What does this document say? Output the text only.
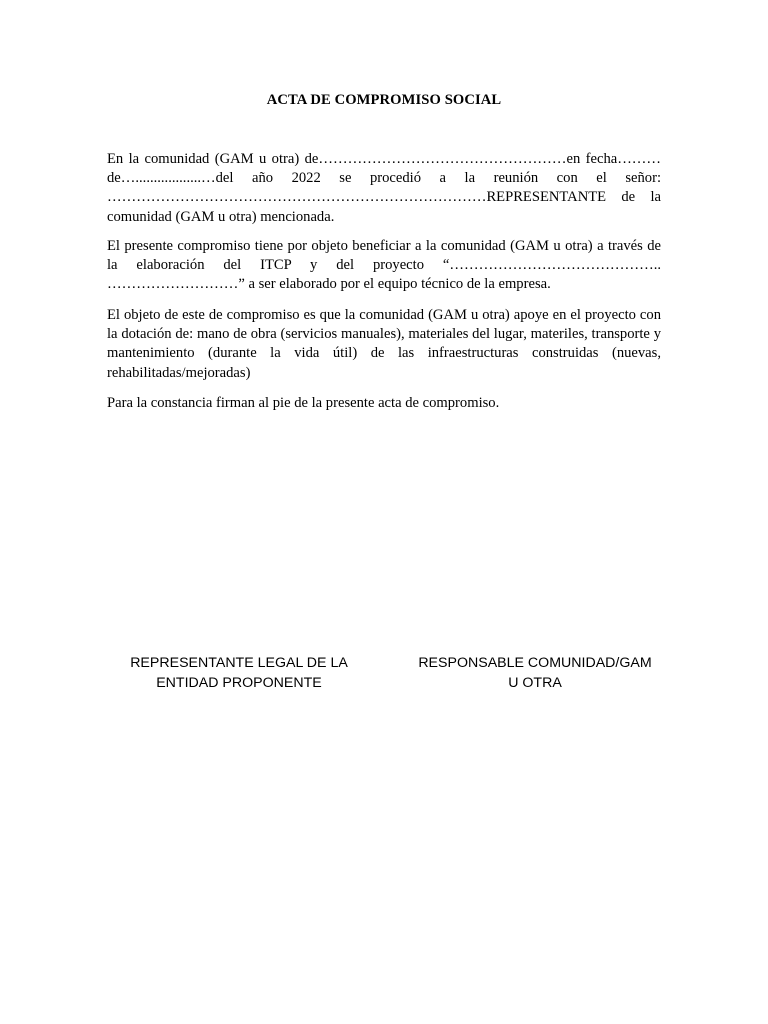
ACTA DE COMPROMISO SOCIAL
En la comunidad (GAM u otra) de……………………………………………en fecha………de…..................…del año 2022 se procedió a la reunión con el señor: ……………………………………………………………………REPRESENTANTE de la comunidad (GAM u otra) mencionada.
El presente compromiso tiene por objeto beneficiar a la comunidad (GAM u otra) a través de la elaboración del ITCP y del proyecto “…………………………………….. ………………………” a ser elaborado por el equipo técnico de la empresa.
El objeto de este de compromiso es que la comunidad (GAM u otra) apoye en el proyecto con la dotación de: mano de obra (servicios manuales), materiales del lugar, materiles, transporte y mantenimiento (durante la vida útil) de las infraestructuras construidas (nuevas, rehabilitadas/mejoradas)
Para la constancia firman al pie de la presente acta de compromiso.
REPRESENTANTE LEGAL DE LA
ENTIDAD PROPONENTE
RESPONSABLE COMUNIDAD/GAM
U OTRA
